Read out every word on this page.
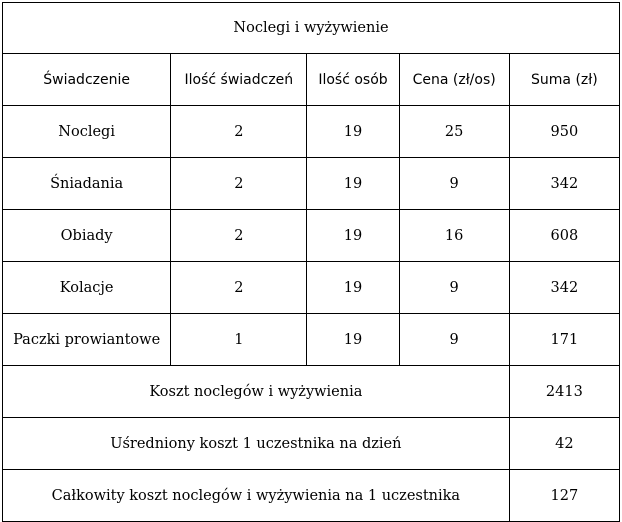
Noclegi i wyżywienie				
Świadczenie	Ilość świadczeń	Ilość osób	Cena (zł/os)	Suma (zł)
Noclegi	2	19	25	950
Śniadania	2	19	9	342
Obiady	2	19	16	608
Kolacje	2	19	9	342
Paczki prowiantowe	1	19	9	171
Koszt noclegów i wyżywienia				2413
Uśredniony koszt 1 uczestnika na dzień				42
Całkowity koszt noclegów i wyżywienia na 1 uczestnika				127
